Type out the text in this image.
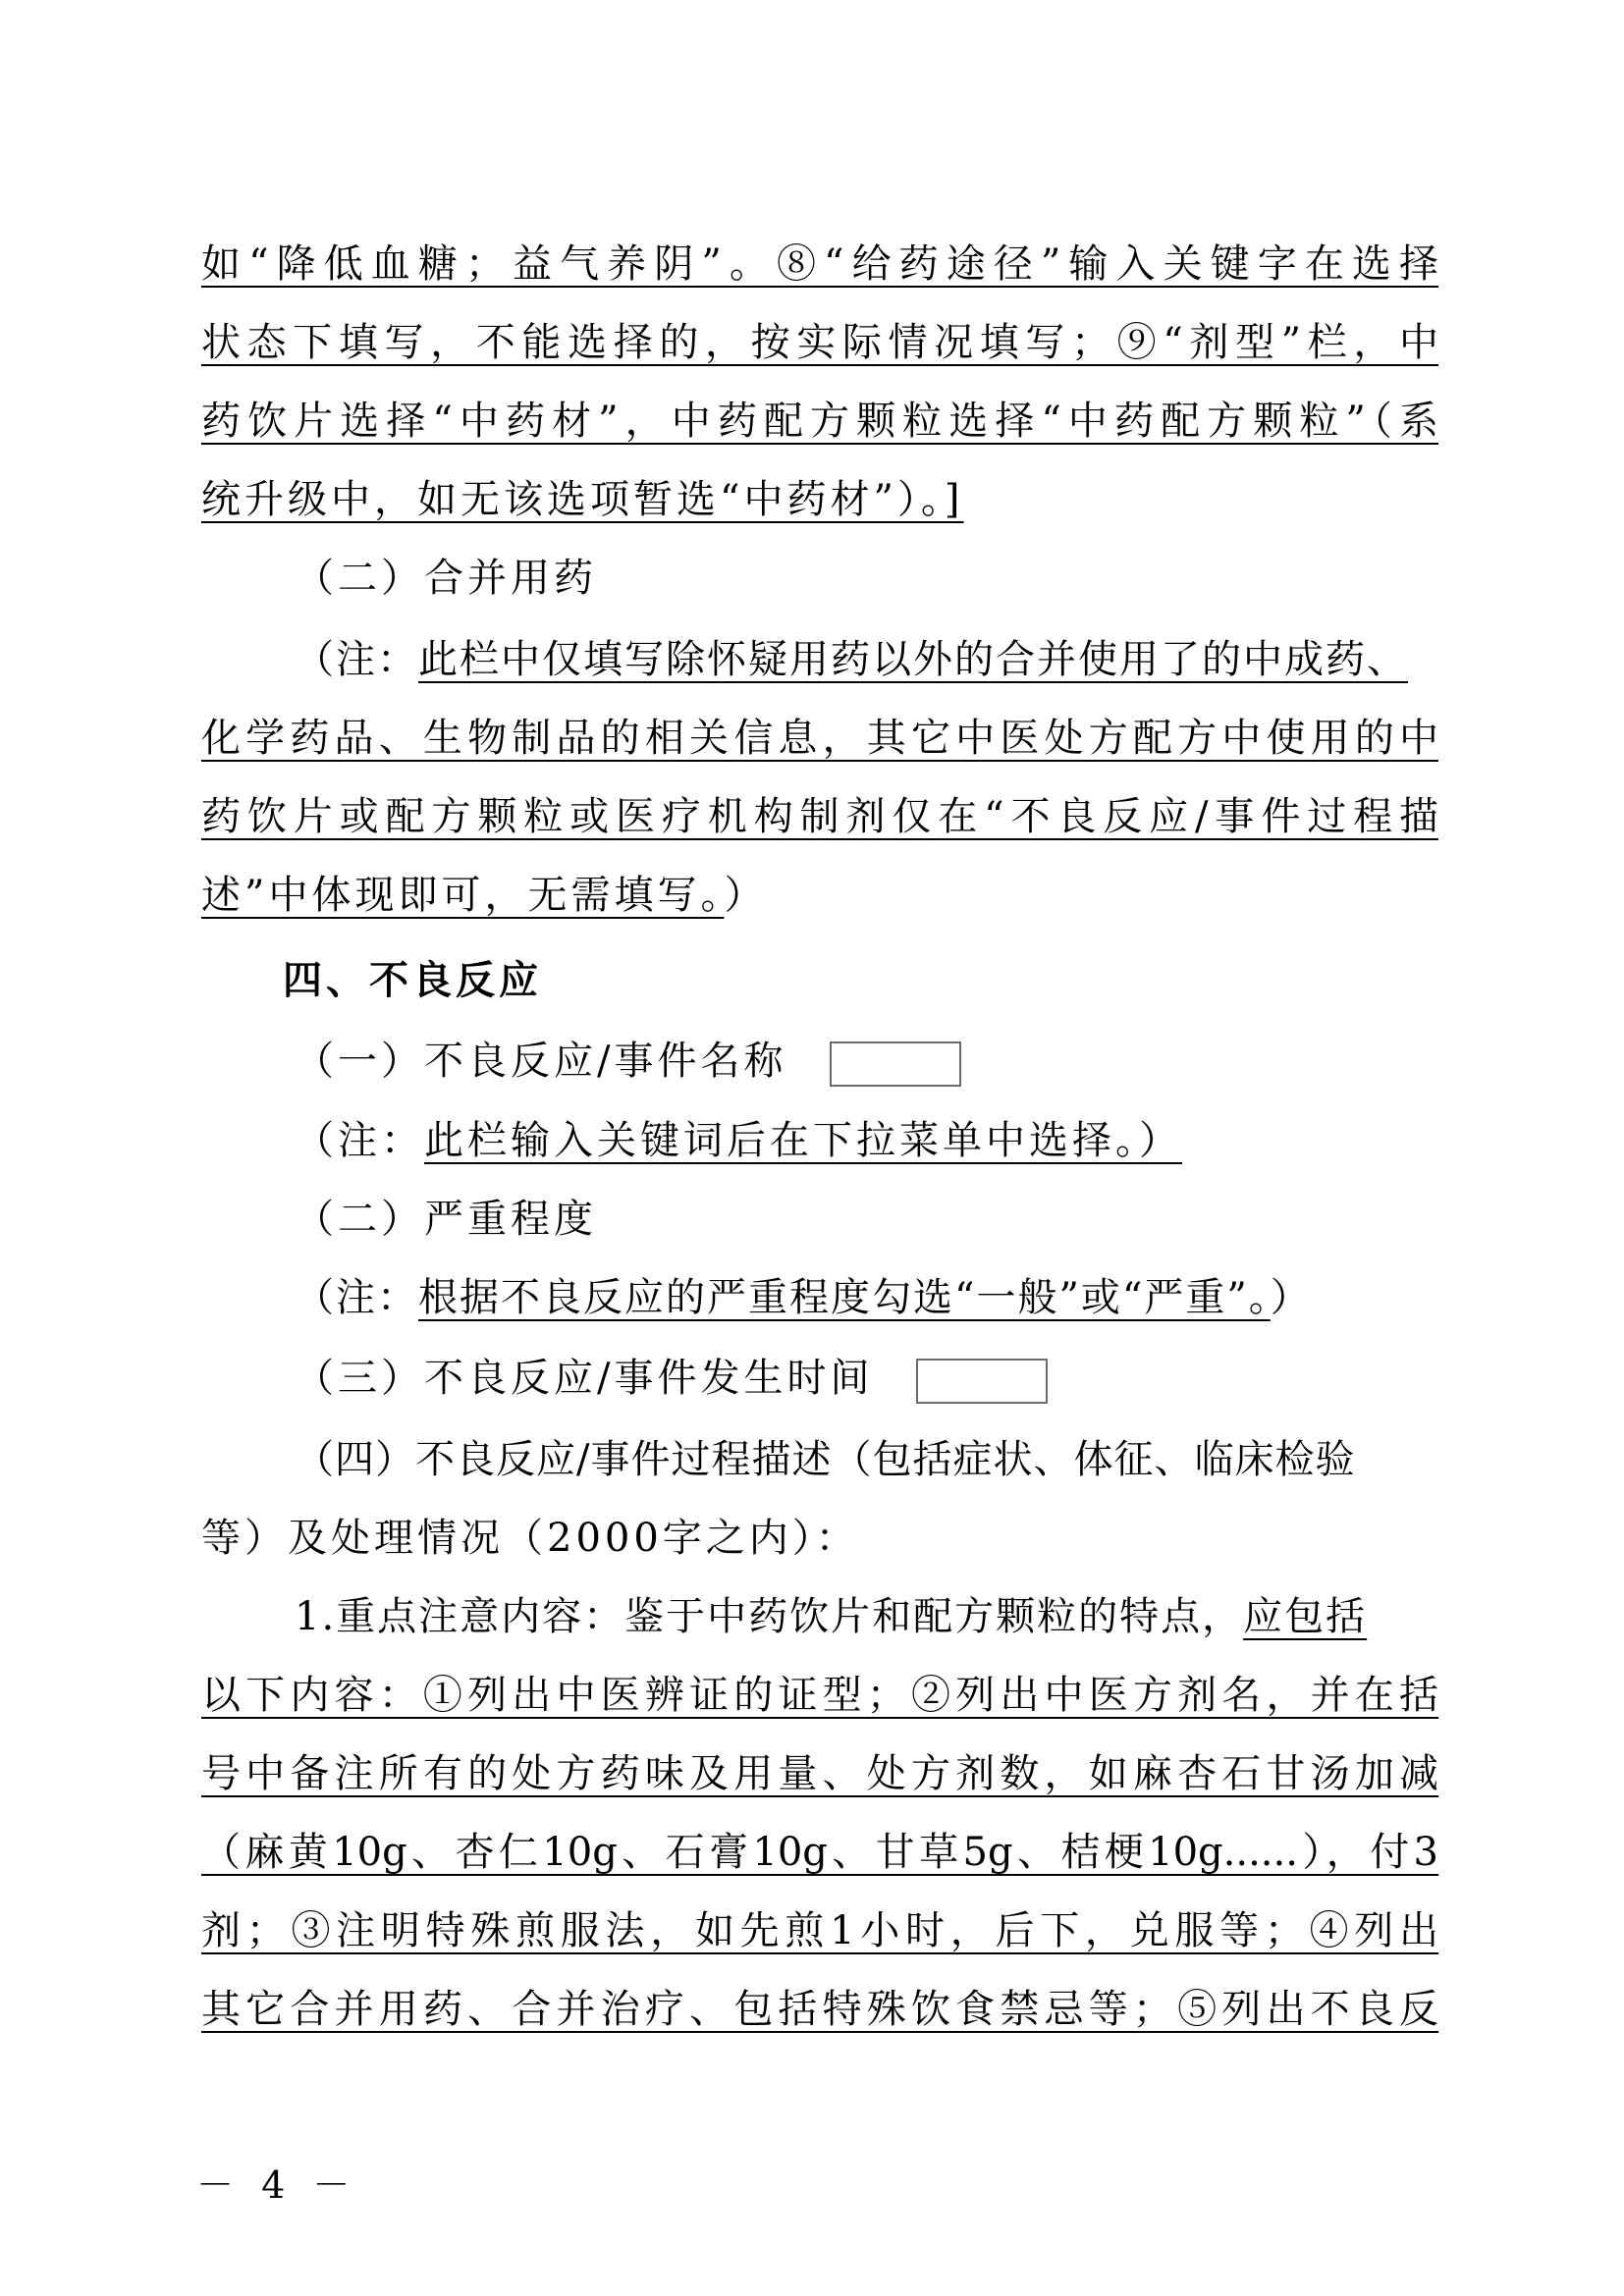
如“降低血糖；益气养阴”。⑧“给药途径”输入关键字在选择
状态下填写，不能选择的，按实际情况填写；⑨“剂型”栏，中
药饮片选择“中药材”，中药配方颗粒选择“中药配方颗粒”（系
统升级中，如无该选项暂选“中药材”）。]
（二）合并用药
（注：此栏中仅填写除怀疑用药以外的合并使用了的中成药、
化学药品、生物制品的相关信息，其它中医处方配方中使用的中
药饮片或配方颗粒或医疗机构制剂仅在“不良反应/事件过程描
述”中体现即可，无需填写。）
四、不良反应
（一）不良反应/事件名称
（注：此栏输入关键词后在下拉菜单中选择。）
（二）严重程度
（注：根据不良反应的严重程度勾选“一般”或“严重”。）
（三）不良反应/事件发生时间
（四）不良反应/事件过程描述（包括症状、体征、临床检验
等）及处理情况（2000字之内）：
1.重点注意内容：鉴于中药饮片和配方颗粒的特点，应包括
以下内容：①列出中医辨证的证型；②列出中医方剂名，并在括
号中备注所有的处方药味及用量、处方剂数，如麻杏石甘汤加减
（麻黄10g、杏仁10g、石膏10g、甘草5g、桔梗10g......），付3
剂；③注明特殊煎服法，如先煎1小时，后下，兑服等；④列出
其它合并用药、合并治疗、包括特殊饮食禁忌等；⑤列出不良反
－ 4 －
